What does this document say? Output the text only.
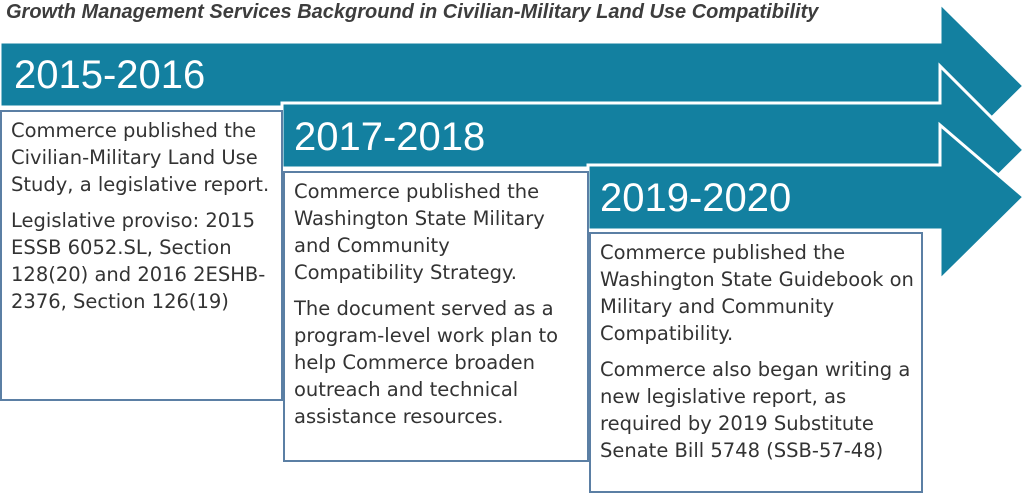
Growth Management Services Background in Civilian-Military Land Use Compatibility
2015-2016
2017-2018
2019-2020

Commerce published the Civilian-Military Land Use Study, a legislative report.

Legislative proviso: 2015 ESSB 6052.SL, Section 128(20) and 2016 2ESHB-2376, Section 126(19)

Commerce published the Washington State Military and Community Compatibility Strategy.

The document served as a program-level work plan to help Commerce broaden outreach and technical assistance resources.

Commerce published the Washington State Guidebook on Military and Community Compatibility.

Commerce also began writing a new legislative report, as required by 2019 Substitute Senate Bill 5748 (SSB-57-48)
